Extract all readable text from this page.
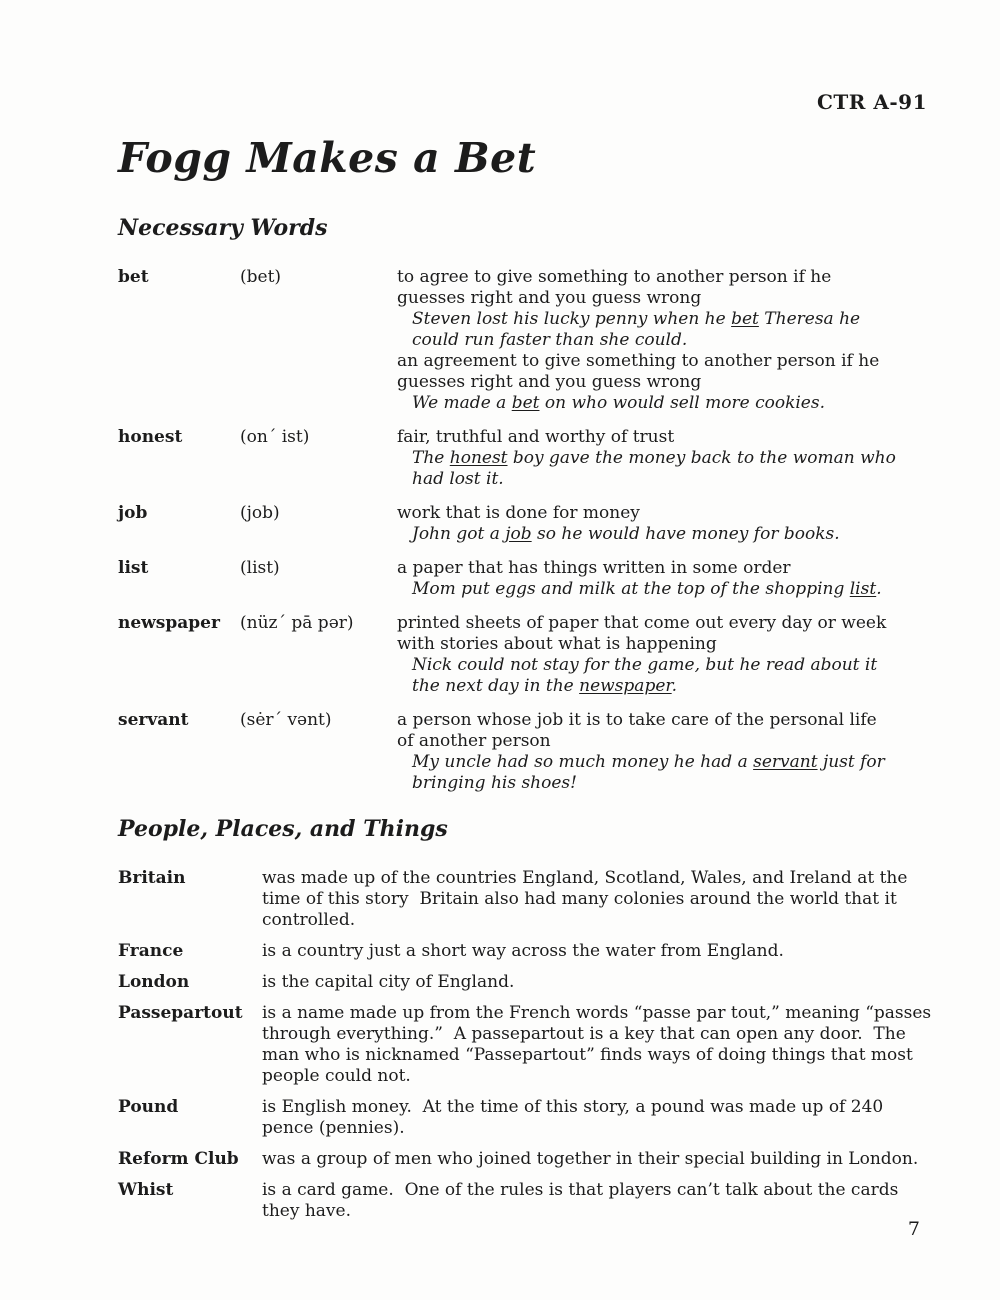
CTR A-91
Fogg Makes a Bet
Necessary Words
bet	(bet)	to agree to give something to another person if he guesses right and you guess wrong

Steven lost his lucky penny when he bet Theresa he could run faster than she could.

an agreement to give something to another person if he guesses right and you guess wrong

We made a bet on who would sell more cookies.

honest	(on´ ist)	fair, truthful and worthy of trust

The honest boy gave the money back to the woman who had lost it.

job	(job)	work that is done for money

John got a job so he would have money for books.

list	(list)	a paper that has things written in some order

Mom put eggs and milk at the top of the shopping list.

newspaper	(nüz´ pā pər)	printed sheets of paper that come out every day or week with stories about what is happening

Nick could not stay for the game, but he read about it the next day in the newspaper.

servant	(sėr´ vənt)	a person whose job it is to take care of the personal life of another person

My uncle had so much money he had a servant just for bringing his shoes!

People, Places, and Things
Britain	was made up of the countries England, Scotland, Wales, and Ireland at the time of this story  Britain also had many colonies around the world that it controlled.
France	is a country just a short way across the water from England.
London	is the capital city of England.
Passepartout	is a name made up from the French words “passe par tout,” meaning “passes through everything.”  A passepartout is a key that can open any door.  The man who is nicknamed “Passepartout” finds ways of doing things that most  people could not.
Pound	is English money.  At the time of this story, a pound was made up of 240 pence (pennies).
Reform Club	was a group of men who joined together in their special building in London.
Whist	is a card game.  One of the rules is that players can’t talk about the cards they have.
7
